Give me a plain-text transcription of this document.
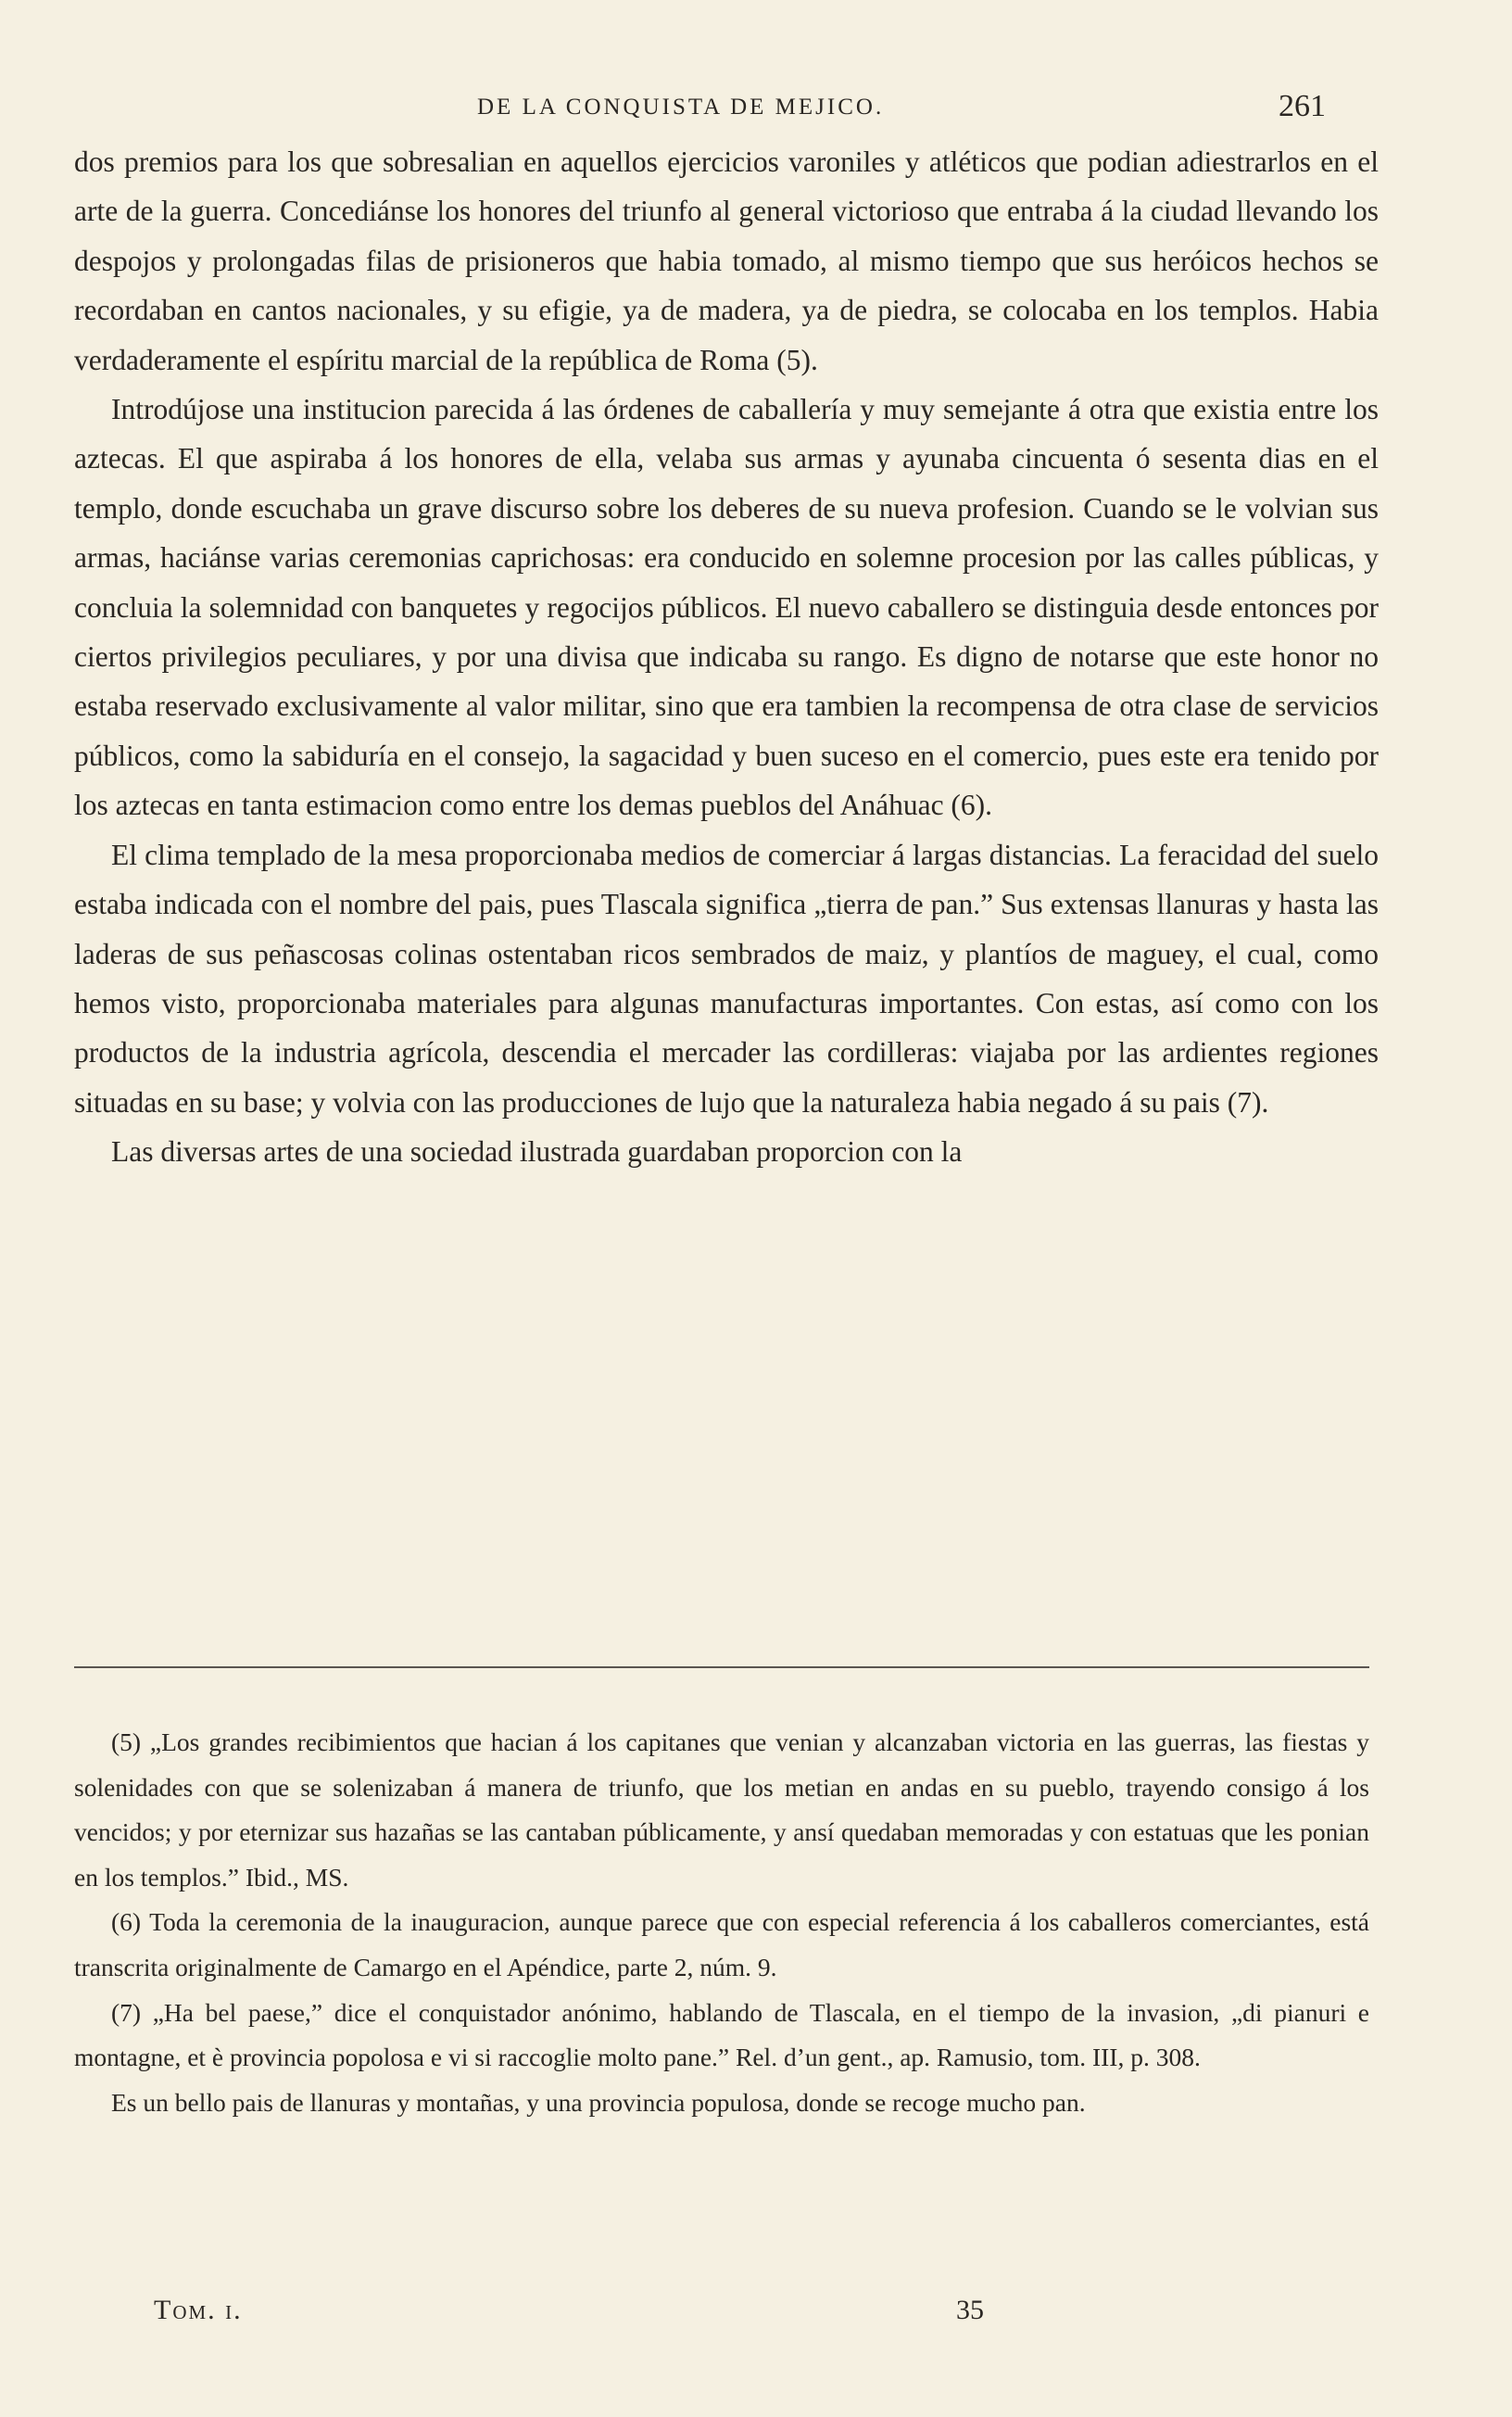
DE LA CONQUISTA DE MEJICO.	261

dos premios para los que sobresalian en aquellos ejercicios varoniles y atléticos que podian adiestrarlos en el arte de la guerra. Concediánse los honores del triunfo al general victorioso que entraba á la ciudad llevando los despojos y prolongadas filas de prisioneros que habia tomado, al mismo tiempo que sus heróicos hechos se recordaban en cantos nacionales, y su efigie, ya de madera, ya de piedra, se colocaba en los templos. Habia verdaderamente el espíritu marcial de la república de Roma (5).

Introdújose una institucion parecida á las órdenes de caballería y muy semejante á otra que existia entre los aztecas. El que aspiraba á los honores de ella, velaba sus armas y ayunaba cincuenta ó sesenta dias en el templo, donde escuchaba un grave discurso sobre los deberes de su nueva profesion. Cuando se le volvian sus armas, haciánse varias ceremonias caprichosas: era conducido en solemne procesion por las calles públicas, y concluia la solemnidad con banquetes y regocijos públicos. El nuevo caballero se distinguia desde entonces por ciertos privilegios peculiares, y por una divisa que indicaba su rango. Es digno de notarse que este honor no estaba reservado exclusivamente al valor militar, sino que era tambien la recompensa de otra clase de servicios públicos, como la sabiduría en el consejo, la sagacidad y buen suceso en el comercio, pues este era tenido por los aztecas en tanta estimacion como entre los demas pueblos del Anáhuac (6).

El clima templado de la mesa proporcionaba medios de comerciar á largas distancias. La feracidad del suelo estaba indicada con el nombre del pais, pues Tlascala significa „tierra de pan.” Sus extensas llanuras y hasta las laderas de sus peñascosas colinas ostentaban ricos sembrados de maiz, y plantíos de maguey, el cual, como hemos visto, proporcionaba materiales para algunas manufacturas importantes. Con estas, así como con los productos de la industria agrícola, descendia el mercader las cordilleras: viajaba por las ardientes regiones situadas en su base; y volvia con las producciones de lujo que la naturaleza habia negado á su pais (7).

Las diversas artes de una sociedad ilustrada guardaban proporcion con la

(5) „Los grandes recibimientos que hacian á los capitanes que venian y alcanzaban victoria en las guerras, las fiestas y solenidades con que se solenizaban á manera de triunfo, que los metian en andas en su pueblo, trayendo consigo á los vencidos; y por eternizar sus hazañas se las cantaban públicamente, y ansí quedaban memoradas y con estatuas que les ponian en los templos.” Ibid., MS.

(6) Toda la ceremonia de la inauguracion, aunque parece que con especial referencia á los caballeros comerciantes, está transcrita originalmente de Camargo en el Apéndice, parte 2, núm. 9.

(7) „Ha bel paese,” dice el conquistador anónimo, hablando de Tlascala, en el tiempo de la invasion, „di pianuri e montagne, et è provincia popolosa e vi si raccoglie molto pane.” Rel. d’un gent., ap. Ramusio, tom. III, p. 308.

Es un bello pais de llanuras y montañas, y una provincia populosa, donde se recoge mucho pan.

Tom. i.	35
